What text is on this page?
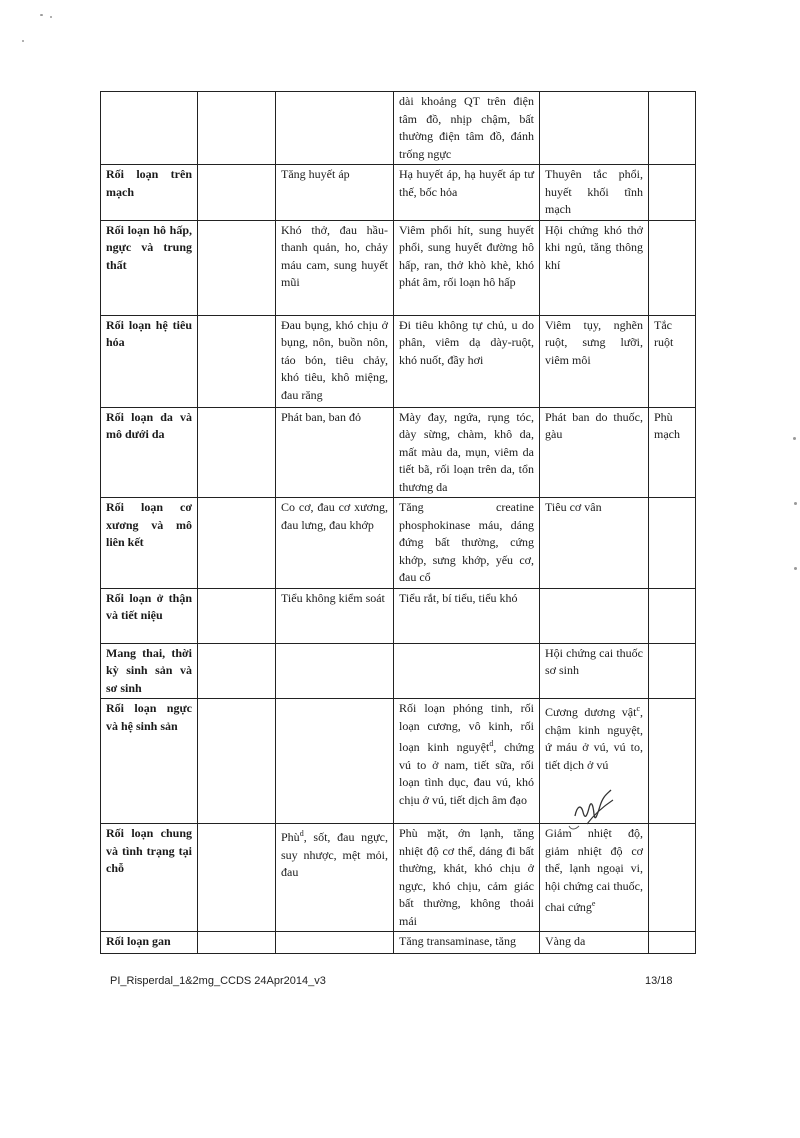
			dài khoảng QT trên điện tâm đồ, nhịp chậm, bất thường điện tâm đồ, đánh trống ngực		
Rối loạn trên mạch		Tăng huyết áp	Hạ huyết áp, hạ huyết áp tư thế, bốc hỏa	Thuyên tắc phổi, huyết khối tĩnh mạch	
Rối loạn hô hấp, ngực và trung thất		Khó thở, đau hầu-thanh quản, ho, chảy máu cam, sung huyết mũi	Viêm phổi hít, sung huyết phổi, sung huyết đường hô hấp, ran, thở khò khè, khó phát âm, rối loạn hô hấp	Hội chứng khó thở khi ngủ, tăng thông khí	
Rối loạn hệ tiêu hóa		Đau bụng, khó chịu ở bụng, nôn, buồn nôn, táo bón, tiêu chảy, khó tiêu, khô miệng, đau răng	Đi tiêu không tự chủ, u do phân, viêm dạ dày-ruột, khó nuốt, đầy hơi	Viêm tụy, nghẽn ruột, sưng lưỡi, viêm môi	Tắc ruột
Rối loạn da và mô dưới da		Phát ban, ban đỏ	Mày đay, ngứa, rụng tóc, dày sừng, chàm, khô da, mất màu da, mụn, viêm da tiết bã, rối loạn trên da, tổn thương da	Phát ban do thuốc, gàu	Phù mạch
Rối loạn cơ xương và mô liên kết		Co cơ, đau cơ xương, đau lưng, đau khớp	Tăng creatine phosphokinase máu, dáng đứng bất thường, cứng khớp, sưng khớp, yếu cơ, đau cổ	Tiêu cơ vân	
Rối loạn ở thận và tiết niệu		Tiểu không kiểm soát	Tiểu rắt, bí tiểu, tiểu khó		
Mang thai, thời kỳ sinh sản và sơ sinh				Hội chứng cai thuốc sơ sinh	
Rối loạn ngực và hệ sinh sản			Rối loạn phóng tinh, rối loạn cương, vô kinh, rối loạn kinh nguyệt$^d$, chứng vú to ở nam, tiết sữa, rối loạn tình dục, đau vú, khó chịu ở vú, tiết dịch âm đạo	Cương dương vật$^c$, chậm kinh nguyệt, ứ máu ở vú, vú to, tiết dịch ở vú	
Rối loạn chung và tình trạng tại chỗ		Phù$^d$, sốt, đau ngực, suy nhược, mệt mỏi, đau	Phù mặt, ớn lạnh, tăng nhiệt độ cơ thể, dáng đi bất thường, khát, khó chịu ở ngực, khó chịu, cảm giác bất thường, không thoải mái	Giảm nhiệt độ, giảm nhiệt độ cơ thể, lạnh ngoại vi, hội chứng cai thuốc, chai cứng$^e$	
Rối loạn gan			Tăng transaminase, tăng	Vàng da	
PI_Risperdal_1&2mg_CCDS 24Apr2014_v3	13/18
